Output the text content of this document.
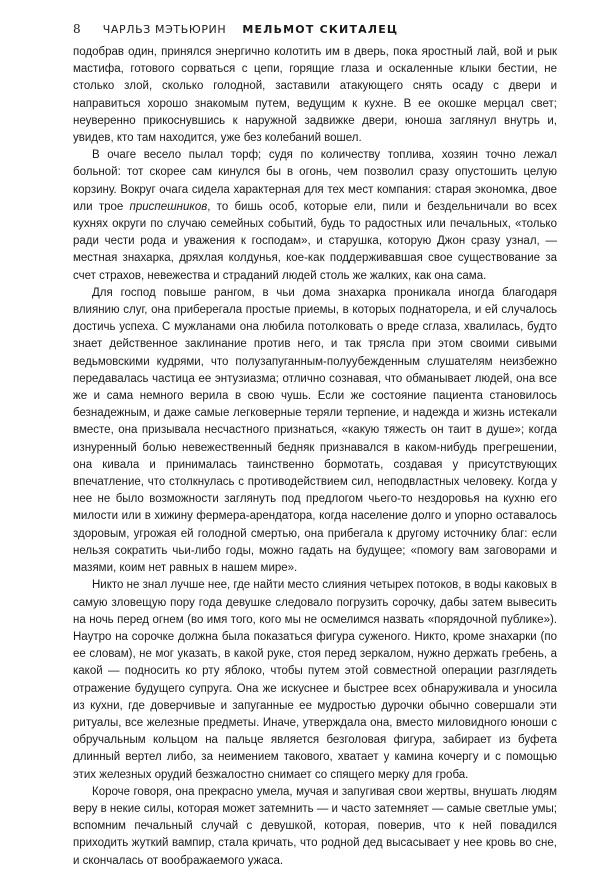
8 ЧАРЛЬЗ МЭТЬЮРИН МЕЛЬМОТ СКИТАЛЕЦ

подобрав один, принялся энергично колотить им в дверь, пока яростный лай, вой и рык мастифа, готового сорваться с цепи, горящие глаза и оскаленные клыки бестии, не столько злой, сколько голодной, заставили атакующего снять осаду с двери и направиться хорошо знакомым путем, ведущим к кухне. В ее окошке мерцал свет; неуверенно прикоснувшись к наружной задвижке двери, юноша заглянул внутрь и, увидев, кто там находится, уже без колебаний вошел.

В очаге весело пылал торф; судя по количеству топлива, хозяин точно лежал больной: тот скорее сам кинулся бы в огонь, чем позволил сразу опустошить целую корзину. Вокруг очага сидела характерная для тех мест компания: старая экономка, двое или трое приспешников, то бишь особ, которые ели, пили и бездельничали во всех кухнях округи по случаю семейных событий, будь то радостных или печальных, «только ради чести рода и уважения к господам», и старушка, которую Джон сразу узнал, — местная знахарка, дряхлая колдунья, кое-как поддерживавшая свое существование за счет страхов, невежества и страданий людей столь же жалких, как она сама.

Для господ повыше рангом, в чьи дома знахарка проникала иногда благодаря влиянию слуг, она приберегала простые приемы, в которых поднаторела, и ей случалось достичь успеха. С мужланами она любила потолковать о вреде сглаза, хвалилась, будто знает действенное заклинание против него, и так трясла при этом своими сивыми ведьмовскими кудрями, что полузапуганным-полуубежденным слушателям неизбежно передавалась частица ее энтузиазма; отлично сознавая, что обманывает людей, она все же и сама немного верила в свою чушь. Если же состояние пациента становилось безнадежным, и даже самые легковерные теряли терпение, и надежда и жизнь истекали вместе, она призывала несчастного признаться, «какую тяжесть он таит в душе»; когда изнуренный болью невежественный бедняк признавался в каком-нибудь прегрешении, она кивала и принималась таинственно бормотать, создавая у присутствующих впечатление, что столкнулась с противодействием сил, неподвластных человеку. Когда у нее не было возможности заглянуть под предлогом чьего-то нездоровья на кухню его милости или в хижину фермера-арендатора, когда население долго и упорно оставалось здоровым, угрожая ей голодной смертью, она прибегала к другому источнику благ: если нельзя сократить чьи-либо годы, можно гадать на будущее; «помогу вам заговорами и мазями, коим нет равных в нашем мире».

Никто не знал лучше нее, где найти место слияния четырех потоков, в воды каковых в самую зловещую пору года девушке следовало погрузить сорочку, дабы затем вывесить на ночь перед огнем (во имя того, кого мы не осмелимся назвать «порядочной публике»). Наутро на сорочке должна была показаться фигура суженого. Никто, кроме знахарки (по ее словам), не мог указать, в какой руке, стоя перед зеркалом, нужно держать гребень, а какой — подносить ко рту яблоко, чтобы путем этой совместной операции разглядеть отражение будущего супруга. Она же искуснее и быстрее всех обнаруживала и уносила из кухни, где доверчивые и запуганные ее мудростью дурочки обычно совершали эти ритуалы, все железные предметы. Иначе, утверждала она, вместо миловидного юноши с обручальным кольцом на пальце является безголовая фигура, забирает из буфета длинный вертел либо, за неимением такового, хватает у камина кочергу и с помощью этих железных орудий безжалостно снимает со спящего мерку для гроба.

Короче говоря, она прекрасно умела, мучая и запугивая свои жертвы, внушать людям веру в некие силы, которая может затемнить — и часто затемняет — самые светлые умы; вспомним печальный случай с девушкой, которая, поверив, что к ней повадился приходить жуткий вампир, стала кричать, что родной дед высасывает у нее кровь во сне, и скончалась от воображаемого ужаса.
